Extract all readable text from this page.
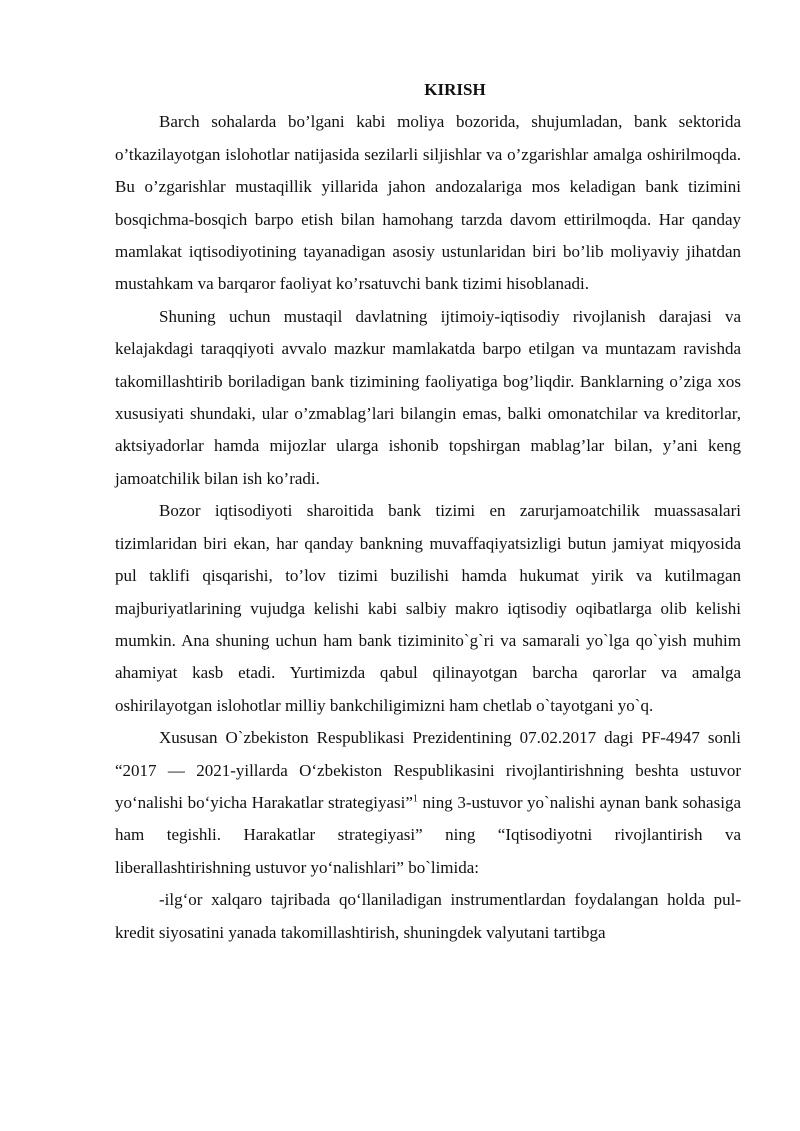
KIRISH

Barch sohalarda bo’lgani kabi moliya bozorida, shujumladan, bank sektorida o’tkazilayotgan islohotlar natijasida sezilarli siljishlar va o’zgarishlar amalga oshirilmoqda. Bu o’zgarishlar mustaqillik yillarida jahon andozalariga mos keladigan bank tizimini bosqichma-bosqich barpo etish bilan hamohang tarzda davom ettirilmoqda. Har qanday mamlakat iqtisodiyotining tayanadigan asosiy ustunlaridan biri bo’lib moliyaviy jihatdan mustahkam va barqaror faoliyat ko’rsatuvchi bank tizimi hisoblanadi.

Shuning uchun mustaqil davlatning ijtimoiy-iqtisodiy rivojlanish darajasi va kelajakdagi taraqqiyoti avvalo mazkur mamlakatda barpo etilgan va muntazam ravishda takomillashtirib boriladigan bank tizimining faoliyatiga bog’liqdir. Banklarning o’ziga xos xususiyati shundaki, ular o’zmablag’lari bilangin emas, balki omonatchilar va kreditorlar, aktsiyadorlar hamda mijozlar ularga ishonib topshirgan mablag’lar bilan, y’ani keng jamoatchilik bilan ish ko’radi.

Bozor iqtisodiyoti sharoitida bank tizimi en zarurjamoatchilik muassasalari tizimlaridan biri ekan, har qanday bankning muvaffaqiyatsizligi butun jamiyat miqyosida pul taklifi qisqarishi, to’lov tizimi buzilishi hamda hukumat yirik va kutilmagan majburiyatlarining vujudga kelishi kabi salbiy makro iqtisodiy oqibatlarga olib kelishi mumkin. Ana shuning uchun ham bank tiziminito`g`ri va samarali yo`lga qo`yish muhim ahamiyat kasb etadi. Yurtimizda qabul qilinayotgan barcha qarorlar va amalga oshirilayotgan islohotlar milliy bankchiligimizni ham chetlab o`tayotgani yo`q.

Xususan O`zbekiston Respublikasi Prezidentining 07.02.2017 dagi PF-4947 sonli “2017 — 2021-yillarda O‘zbekiston Respublikasini rivojlantirishning beshta ustuvor yo‘nalishi bo‘yicha Harakatlar strategiyasi”$^1$ ning 3-ustuvor yo`nalishi aynan bank sohasiga ham tegishli. Harakatlar strategiyasi” ning “Iqtisodiyotni rivojlantirish va liberallashtirishning ustuvor yo‘nalishlari” bo`limida:

-ilg‘or xalqaro tajribada qo‘llaniladigan instrumentlardan foydalangan holda pul-kredit siyosatini yanada takomillashtirish, shuningdek valyutani tartibga
